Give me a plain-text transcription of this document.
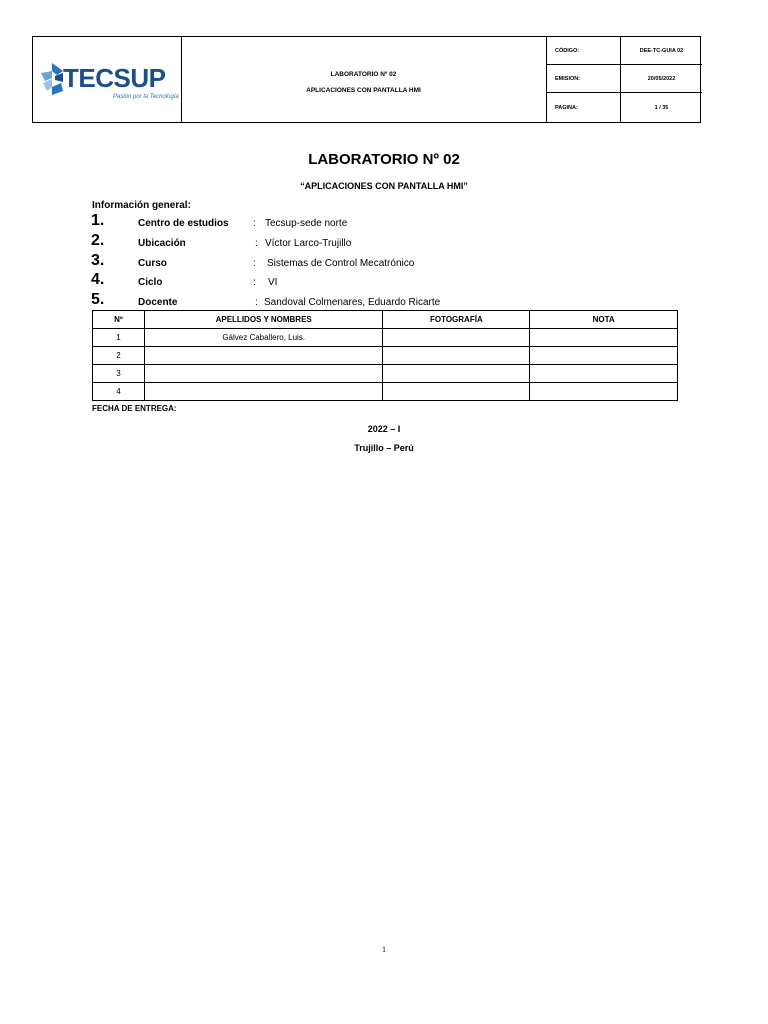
TECSUP
Pasión por la Tecnología
LABORATORIO Nº 02
APLICACIONES CON PANTALLA HMI
CÓDIGO:	DEE-TC-GUIA 02
EMISION:	20/05/2022
PAGINA:	1 / 35
LABORATORIO Nº 02
“APLICACIONES CON PANTALLA HMI”
Información general:
1.	Centro de estudios : Tecsup-sede norte
2.	Ubicación	: Víctor Larco-Trujillo
3.	Curso	: Sistemas de Control Mecatrónico
4.	Ciclo	: VI
5.	Docente	: Sandoval Colmenares, Eduardo Ricarte
Nº	APELLIDOS Y NOMBRES	FOTOGRAFÍA	NOTA
1	Gálvez Caballero, Luis.		
2			
3			
4			
FECHA DE ENTREGA:
2022 – I
Trujillo – Perú
1
